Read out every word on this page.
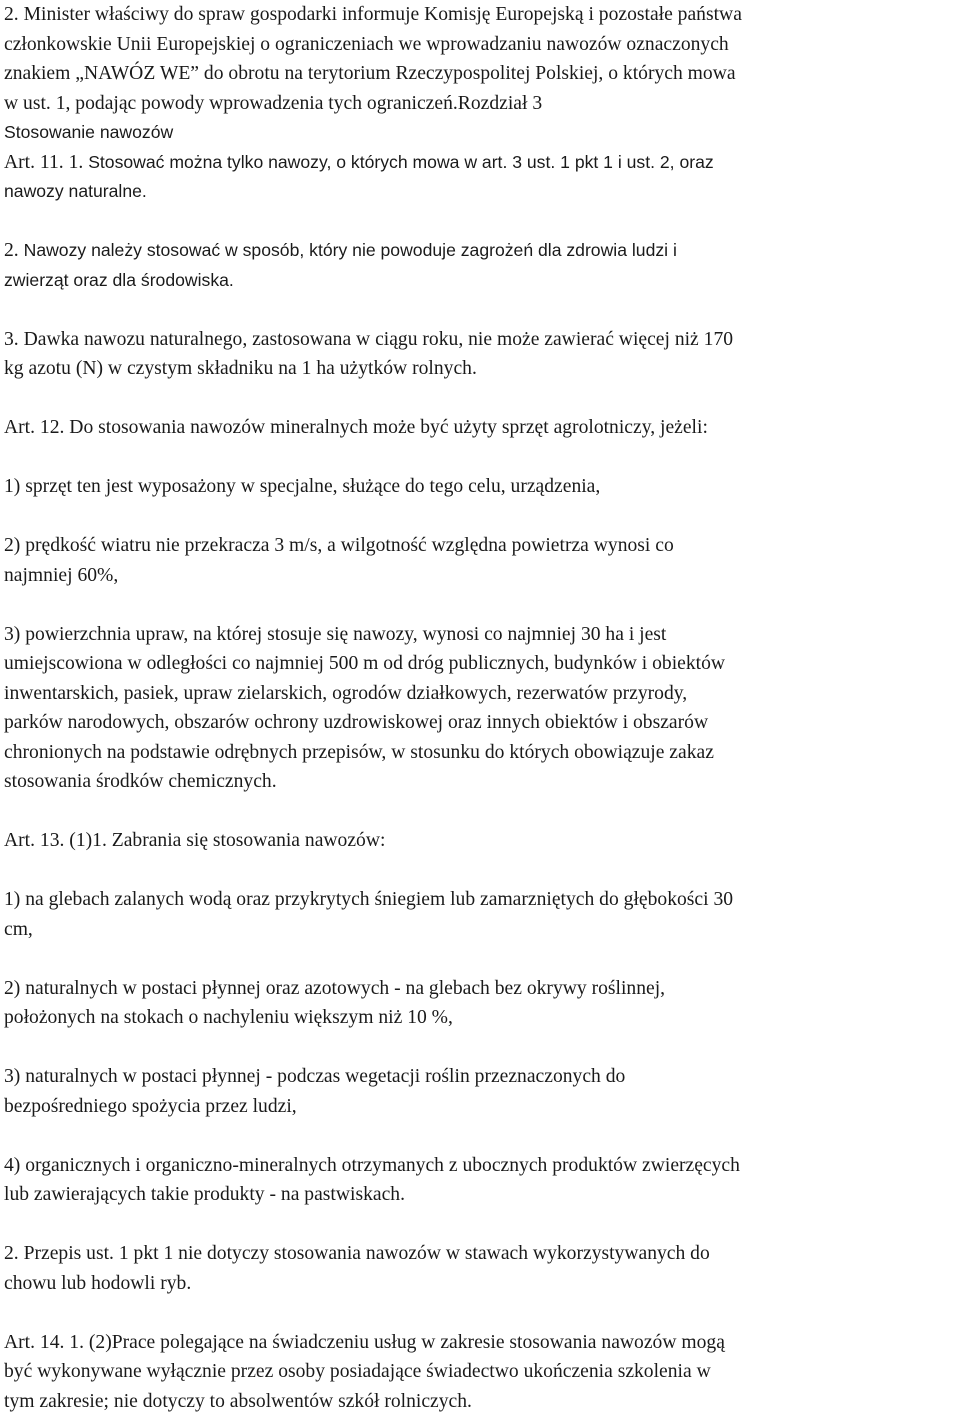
2. Minister właściwy do spraw gospodarki informuje Komisję Europejską i pozostałe państwa
członkowskie Unii Europejskiej o ograniczeniach we wprowadzaniu nawozów oznaczonych
znakiem „NAWÓZ WE” do obrotu na terytorium Rzeczypospolitej Polskiej, o których mowa
w ust. 1, podając powody wprowadzenia tych ograniczeń.Rozdział 3
Stosowanie nawozów
Art. 11. 1. Stosować można tylko nawozy, o których mowa w art. 3 ust. 1 pkt 1 i ust. 2, oraz
nawozy naturalne.
2. Nawozy należy stosować w sposób, który nie powoduje zagrożeń dla zdrowia ludzi i
zwierząt oraz dla środowiska.
3. Dawka nawozu naturalnego, zastosowana w ciągu roku, nie może zawierać więcej niż 170
kg azotu (N) w czystym składniku na 1 ha użytków rolnych.
Art. 12. Do stosowania nawozów mineralnych może być użyty sprzęt agrolotniczy, jeżeli:
1) sprzęt ten jest wyposażony w specjalne, służące do tego celu, urządzenia,
2) prędkość wiatru nie przekracza 3 m/s, a wilgotność względna powietrza wynosi co
najmniej 60%,
3) powierzchnia upraw, na której stosuje się nawozy, wynosi co najmniej 30 ha i jest
umiejscowiona w odległości co najmniej 500 m od dróg publicznych, budynków i obiektów
inwentarskich, pasiek, upraw zielarskich, ogrodów działkowych, rezerwatów przyrody,
parków narodowych, obszarów ochrony uzdrowiskowej oraz innych obiektów i obszarów
chronionych na podstawie odrębnych przepisów, w stosunku do których obowiązuje zakaz
stosowania środków chemicznych.
Art. 13. (1)1. Zabrania się stosowania nawozów:
1) na glebach zalanych wodą oraz przykrytych śniegiem lub zamarzniętych do głębokości 30
cm,
2) naturalnych w postaci płynnej oraz azotowych - na glebach bez okrywy roślinnej,
położonych na stokach o nachyleniu większym niż 10 %,
3) naturalnych w postaci płynnej - podczas wegetacji roślin przeznaczonych do
bezpośredniego spożycia przez ludzi,
4) organicznych i organiczno-mineralnych otrzymanych z ubocznych produktów zwierzęcych
lub zawierających takie produkty - na pastwiskach.
2. Przepis ust. 1 pkt 1 nie dotyczy stosowania nawozów w stawach wykorzystywanych do
chowu lub hodowli ryb.
Art. 14. 1. (2)Prace polegające na świadczeniu usług w zakresie stosowania nawozów mogą
być wykonywane wyłącznie przez osoby posiadające świadectwo ukończenia szkolenia w
tym zakresie; nie dotyczy to absolwentów szkół rolniczych.
